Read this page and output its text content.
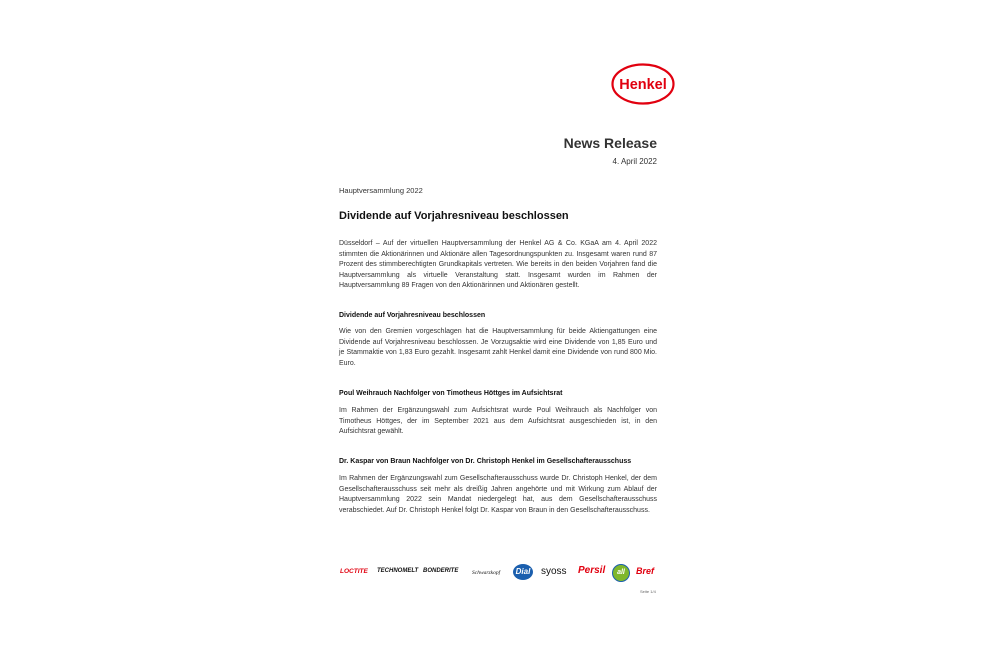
Henkel
News Release
4. April 2022
Hauptversammlung 2022
Dividende auf Vorjahresniveau beschlossen

Düsseldorf – Auf der virtuellen Hauptversammlung der Henkel AG & Co. KGaA am 4. April 2022 stimmten die Aktionärinnen und Aktionäre allen Tagesordnungspunkten zu. Insgesamt waren rund 87 Prozent des stimmberechtigten Grundkapitals vertreten. Wie bereits in den beiden Vorjahren fand die Hauptversammlung als virtuelle Veranstaltung statt. Insgesamt wurden im Rahmen der Hauptversammlung 89 Fragen von den Aktionärinnen und Aktionären gestellt.

Dividende auf Vorjahresniveau beschlossen

Wie von den Gremien vorgeschlagen hat die Hauptversammlung für beide Aktiengattungen eine Dividende auf Vorjahresniveau beschlossen. Je Vorzugsaktie wird eine Dividende von 1,85 Euro und je Stammaktie von 1,83 Euro gezahlt. Insgesamt zahlt Henkel damit eine Dividende von rund 800 Mio. Euro.

Poul Weihrauch Nachfolger von Timotheus Höttges im Aufsichtsrat

Im Rahmen der Ergänzungswahl zum Aufsichtsrat wurde Poul Weihrauch als Nachfolger von Timotheus Höttges, der im September 2021 aus dem Aufsichtsrat ausgeschieden ist, in den Aufsichtsrat gewählt.

Dr. Kaspar von Braun Nachfolger von Dr. Christoph Henkel im Gesellschafterausschuss

Im Rahmen der Ergänzungswahl zum Gesellschafterausschuss wurde Dr. Christoph Henkel, der dem Gesellschafterausschuss seit mehr als dreißig Jahren angehörte und mit Wirkung zum Ablauf der Hauptversammlung 2022 sein Mandat niedergelegt hat, aus dem Gesellschafterausschuss verabschiedet. Auf Dr. Christoph Henkel folgt Dr. Kaspar von Braun in den Gesellschafterausschuss.

LOCTITE TECHNOMELT BONDERITE Schwarzkopf	Dial syoss Persil	all	Bref
Seite 1/4
